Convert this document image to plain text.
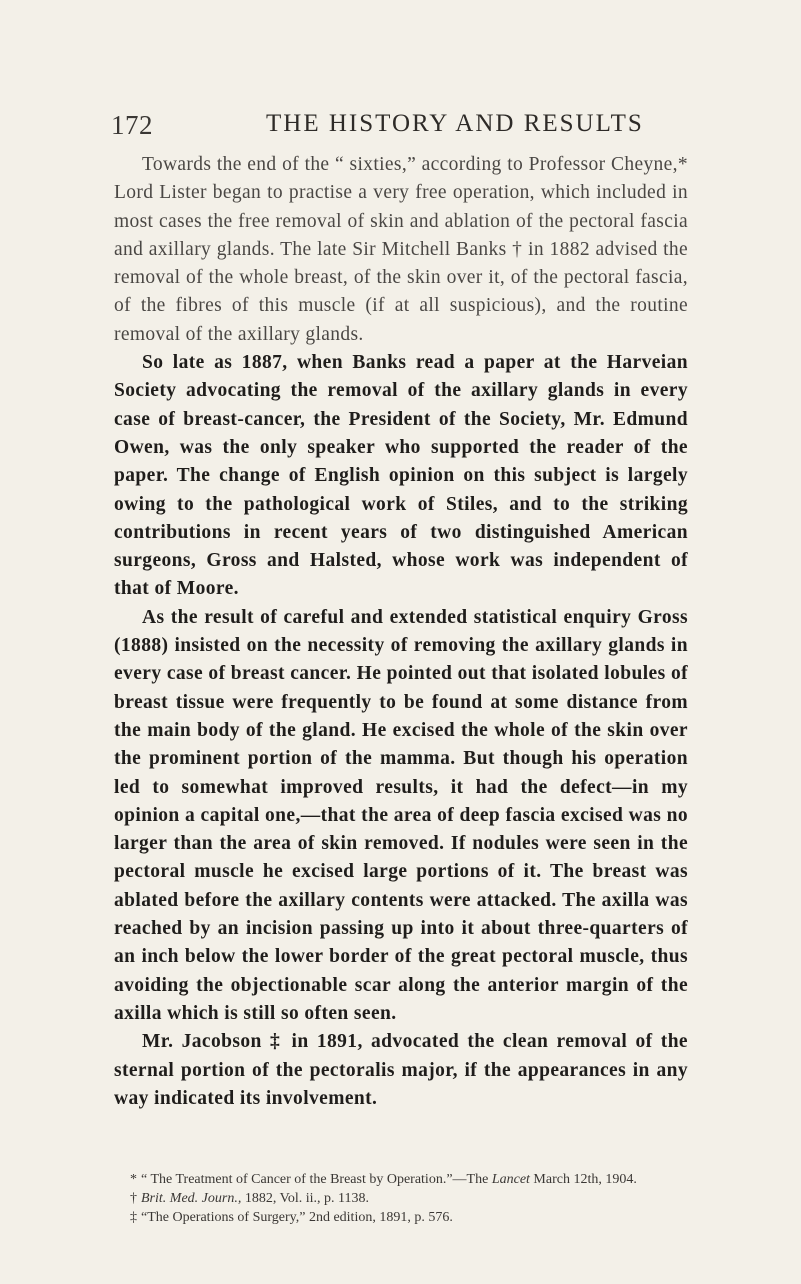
172	THE HISTORY AND RESULTS

Towards the end of the “ sixties,” according to Professor Cheyne,* Lord Lister began to practise a very free operation, which included in most cases the free removal of skin and ablation of the pectoral fascia and axillary glands. The late Sir Mitchell Banks † in 1882 advised the removal of the whole breast, of the skin over it, of the pectoral fascia, of the fibres of this muscle (if at all suspicious), and the routine removal of the axillary glands.

So late as 1887, when Banks read a paper at the Harveian Society advocating the removal of the axillary glands in every case of breast-cancer, the President of the Society, Mr. Edmund Owen, was the only speaker who supported the reader of the paper. The change of English opinion on this subject is largely owing to the pathological work of Stiles, and to the striking contributions in recent years of two distinguished American surgeons, Gross and Halsted, whose work was independent of that of Moore.

As the result of careful and extended statistical enquiry Gross (1888) insisted on the necessity of removing the axillary glands in every case of breast cancer. He pointed out that isolated lobules of breast tissue were frequently to be found at some distance from the main body of the gland. He excised the whole of the skin over the prominent portion of the mamma. But though his operation led to somewhat improved results, it had the defect—in my opinion a capital one,—that the area of deep fascia excised was no larger than the area of skin removed. If nodules were seen in the pectoral muscle he excised large portions of it. The breast was ablated before the axillary contents were attacked. The axilla was reached by an incision passing up into it about three-quarters of an inch below the lower border of the great pectoral muscle, thus avoiding the objectionable scar along the anterior margin of the axilla which is still so often seen.

Mr. Jacobson ‡ in 1891, advocated the clean removal of the sternal portion of the pectoralis major, if the appearances in any way indicated its involvement.

* “ The Treatment of Cancer of the Breast by Operation.”—The Lancet March 12th, 1904.

† Brit. Med. Journ., 1882, Vol. ii., p. 1138.

‡ “The Operations of Surgery,” 2nd edition, 1891, p. 576.
